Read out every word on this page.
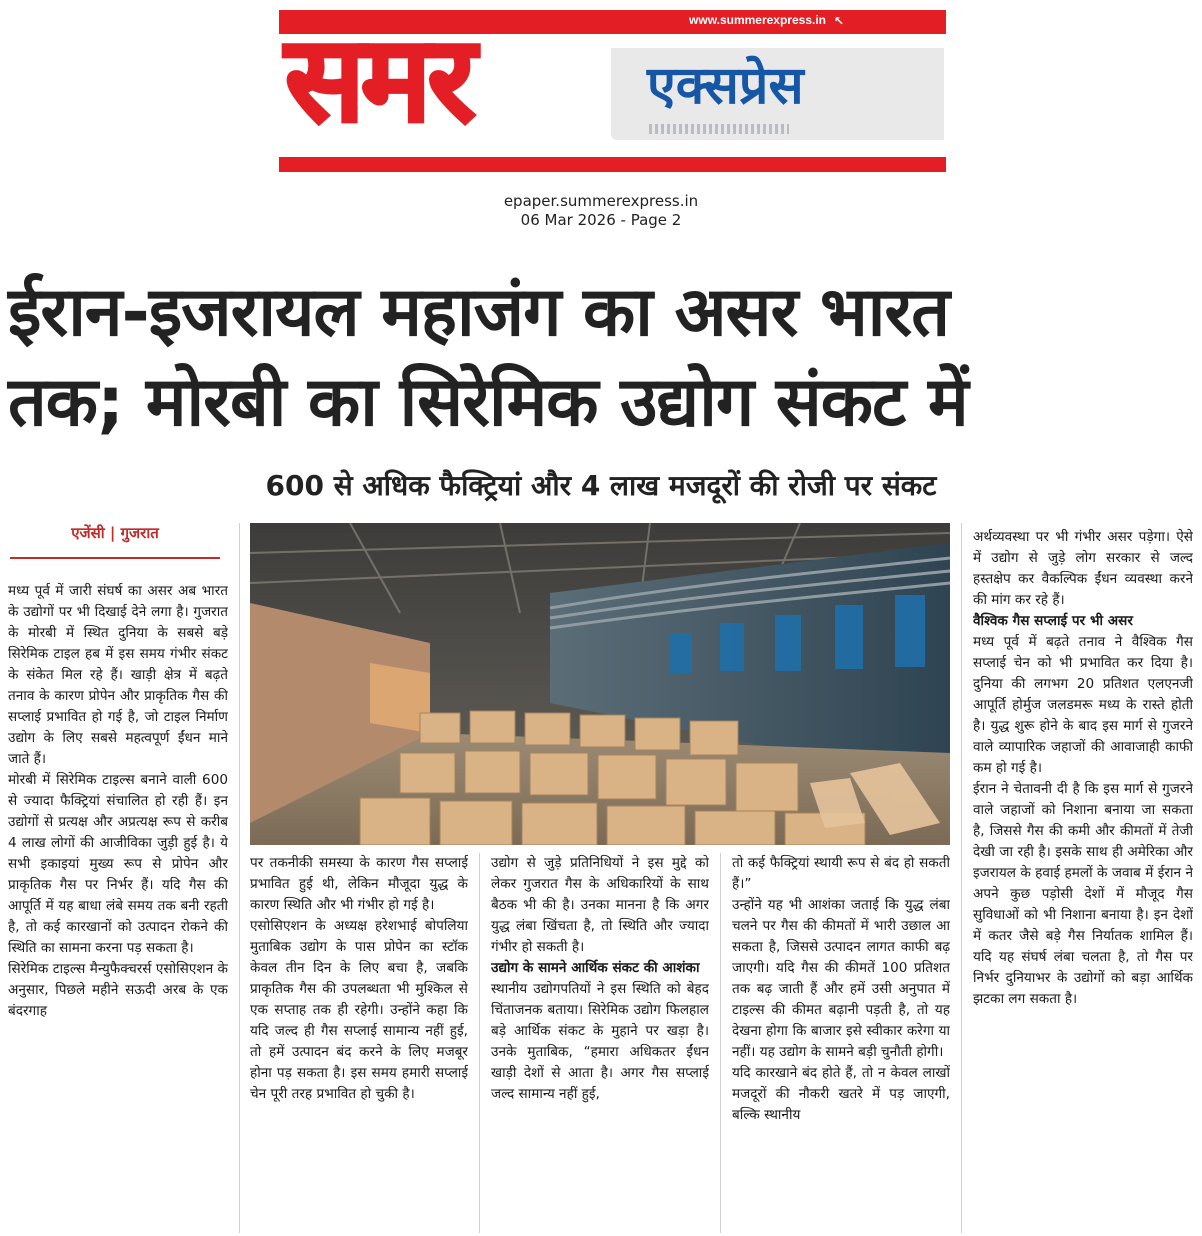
www.summerexpress.in ↖
समर	एक्सप्रेस
epaper.summerexpress.in
06 Mar 2026 - Page 2
ईरान-इजरायल महाजंग का असर भारत
तक; मोरबी का सिरेमिक उद्योग संकट में
600 से अधिक फैक्ट्रियां और 4 लाख मजदूरों की रोजी पर संकट
एजेंसी | गुजरात

मध्य पूर्व में जारी संघर्ष का असर अब भारत के उद्योगों पर भी दिखाई देने लगा है। गुजरात के मोरबी में स्थित दुनिया के सबसे बड़े सिरेमिक टाइल हब में इस समय गंभीर संकट के संकेत मिल रहे हैं। खाड़ी क्षेत्र में बढ़ते तनाव के कारण प्रोपेन और प्राकृतिक गैस की सप्लाई प्रभावित हो गई है, जो टाइल निर्माण उद्योग के लिए सबसे महत्वपूर्ण ईंधन माने जाते हैं।

मोरबी में सिरेमिक टाइल्स बनाने वाली 600 से ज्यादा फैक्ट्रियां संचालित हो रही हैं। इन उद्योगों से प्रत्यक्ष और अप्रत्यक्ष रूप से करीब 4 लाख लोगों की आजीविका जुड़ी हुई है। ये सभी इकाइयां मुख्य रूप से प्रोपेन और प्राकृतिक गैस पर निर्भर हैं। यदि गैस की आपूर्ति में यह बाधा लंबे समय तक बनी रहती है, तो कई कारखानों को उत्पादन रोकने की स्थिति का सामना करना पड़ सकता है।

सिरेमिक टाइल्स मैन्युफैक्चरर्स एसोसिएशन के अनुसार, पिछले महीने सऊदी अरब के एक बंदरगाह

पर तकनीकी समस्या के कारण गैस सप्लाई प्रभावित हुई थी, लेकिन मौजूदा युद्ध के कारण स्थिति और भी गंभीर हो गई है।

एसोसिएशन के अध्यक्ष हरेशभाई बोपलिया मुताबिक उद्योग के पास प्रोपेन का स्टॉक केवल तीन दिन के लिए बचा है, जबकि प्राकृतिक गैस की उपलब्धता भी मुश्किल से एक सप्ताह तक ही रहेगी। उन्होंने कहा कि यदि जल्द ही गैस सप्लाई सामान्य नहीं हुई, तो हमें उत्पादन बंद करने के लिए मजबूर होना पड़ सकता है। इस समय हमारी सप्लाई चेन पूरी तरह प्रभावित हो चुकी है।

उद्योग से जुड़े प्रतिनिधियों ने इस मुद्दे को लेकर गुजरात गैस के अधिकारियों के साथ बैठक भी की है। उनका मानना है कि अगर युद्ध लंबा खिंचता है, तो स्थिति और ज्यादा गंभीर हो सकती है।

उद्योग के सामने आर्थिक संकट की आशंका

स्थानीय उद्योगपतियों ने इस स्थिति को बेहद चिंताजनक बताया। सिरेमिक उद्योग फिलहाल बड़े आर्थिक संकट के मुहाने पर खड़ा है। उनके मुताबिक, “हमारा अधिकतर ईंधन खाड़ी देशों से आता है। अगर गैस सप्लाई जल्द सामान्य नहीं हुई,

तो कई फैक्ट्रियां स्थायी रूप से बंद हो सकती हैं।”

उन्होंने यह भी आशंका जताई कि युद्ध लंबा चलने पर गैस की कीमतों में भारी उछाल आ सकता है, जिससे उत्पादन लागत काफी बढ़ जाएगी। यदि गैस की कीमतें 100 प्रतिशत तक बढ़ जाती हैं और हमें उसी अनुपात में टाइल्स की कीमत बढ़ानी पड़ती है, तो यह देखना होगा कि बाजार इसे स्वीकार करेगा या नहीं। यह उद्योग के सामने बड़ी चुनौती होगी।

यदि कारखाने बंद होते हैं, तो न केवल लाखों मजदूरों की नौकरी खतरे में पड़ जाएगी, बल्कि स्थानीय

अर्थव्यवस्था पर भी गंभीर असर पड़ेगा। ऐसे में उद्योग से जुड़े लोग सरकार से जल्द हस्तक्षेप कर वैकल्पिक ईंधन व्यवस्था करने की मांग कर रहे हैं।

वैश्विक गैस सप्लाई पर भी असर

मध्य पूर्व में बढ़ते तनाव ने वैश्विक गैस सप्लाई चेन को भी प्रभावित कर दिया है। दुनिया की लगभग 20 प्रतिशत एलएनजी आपूर्ति होर्मुज जलडमरू मध्य के रास्ते होती है। युद्ध शुरू होने के बाद इस मार्ग से गुजरने वाले व्यापारिक जहाजों की आवाजाही काफी कम हो गई है।

ईरान ने चेतावनी दी है कि इस मार्ग से गुजरने वाले जहाजों को निशाना बनाया जा सकता है, जिससे गैस की कमी और कीमतों में तेजी देखी जा रही है। इसके साथ ही अमेरिका और इजरायल के हवाई हमलों के जवाब में ईरान ने अपने कुछ पड़ोसी देशों में मौजूद गैस सुविधाओं को भी निशाना बनाया है। इन देशों में कतर जैसे बड़े गैस निर्यातक शामिल हैं। यदि यह संघर्ष लंबा चलता है, तो गैस पर निर्भर दुनियाभर के उद्योगों को बड़ा आर्थिक झटका लग सकता है।
